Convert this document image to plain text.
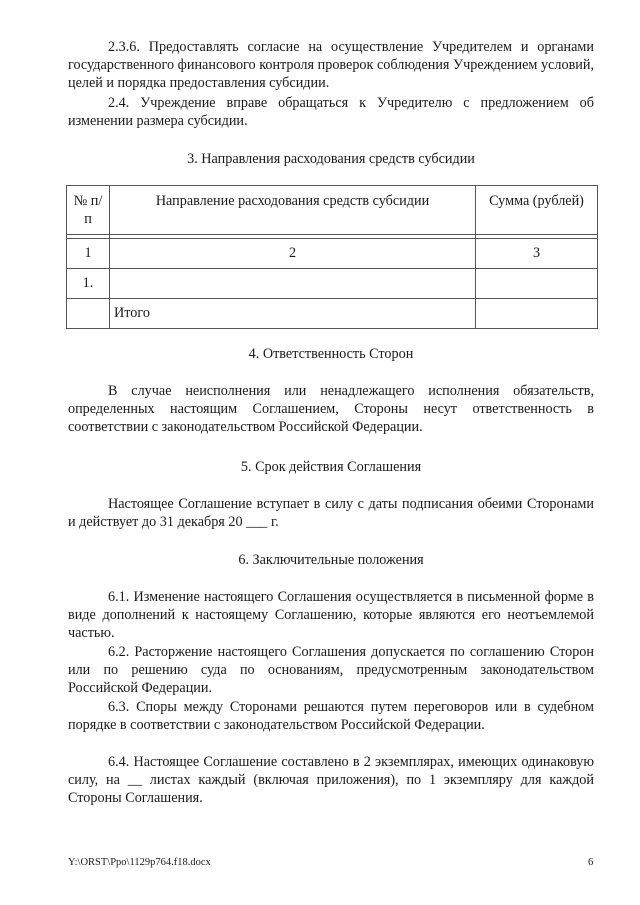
2.3.6. Предоставлять согласие на осуществление Учредителем и органами государственного финансового контроля проверок соблюдения Учреждением условий, целей и порядка предоставления субсидии.

2.4. Учреждение вправе обращаться к Учредителю с предложением об изменении размера субсидии.

3. Направления расходования средств субсидии

№ п/п	Направление расходования средств субсидии	Сумма (рублей)

1	2	3
1.		
	Итого	

4. Ответственность Сторон

В случае неисполнения или ненадлежащего исполнения обязательств, определенных настоящим Соглашением, Стороны несут ответственность в соответствии с законодательством Российской Федерации.

5. Срок действия Соглашения

Настоящее Соглашение вступает в силу с даты подписания обеими Сторонами и действует до 31 декабря 20 ___ г.

6. Заключительные положения

6.1. Изменение настоящего Соглашения осуществляется в письменной форме в виде дополнений к настоящему Соглашению, которые являются его неотъемлемой частью.

6.2. Расторжение настоящего Соглашения допускается по соглашению Сторон или по решению суда по основаниям, предусмотренным законодательством Российской Федерации.

6.3. Споры между Сторонами решаются путем переговоров или в судебном порядке в соответствии с законодательством Российской Федерации.

6.4. Настоящее Соглашение составлено в 2 экземплярах, имеющих одинаковую силу, на __ листах каждый (включая приложения), по 1 экземпляру для каждой Стороны Соглашения.

Y:\ORST\Ppo\1129p764.f18.docx	6
